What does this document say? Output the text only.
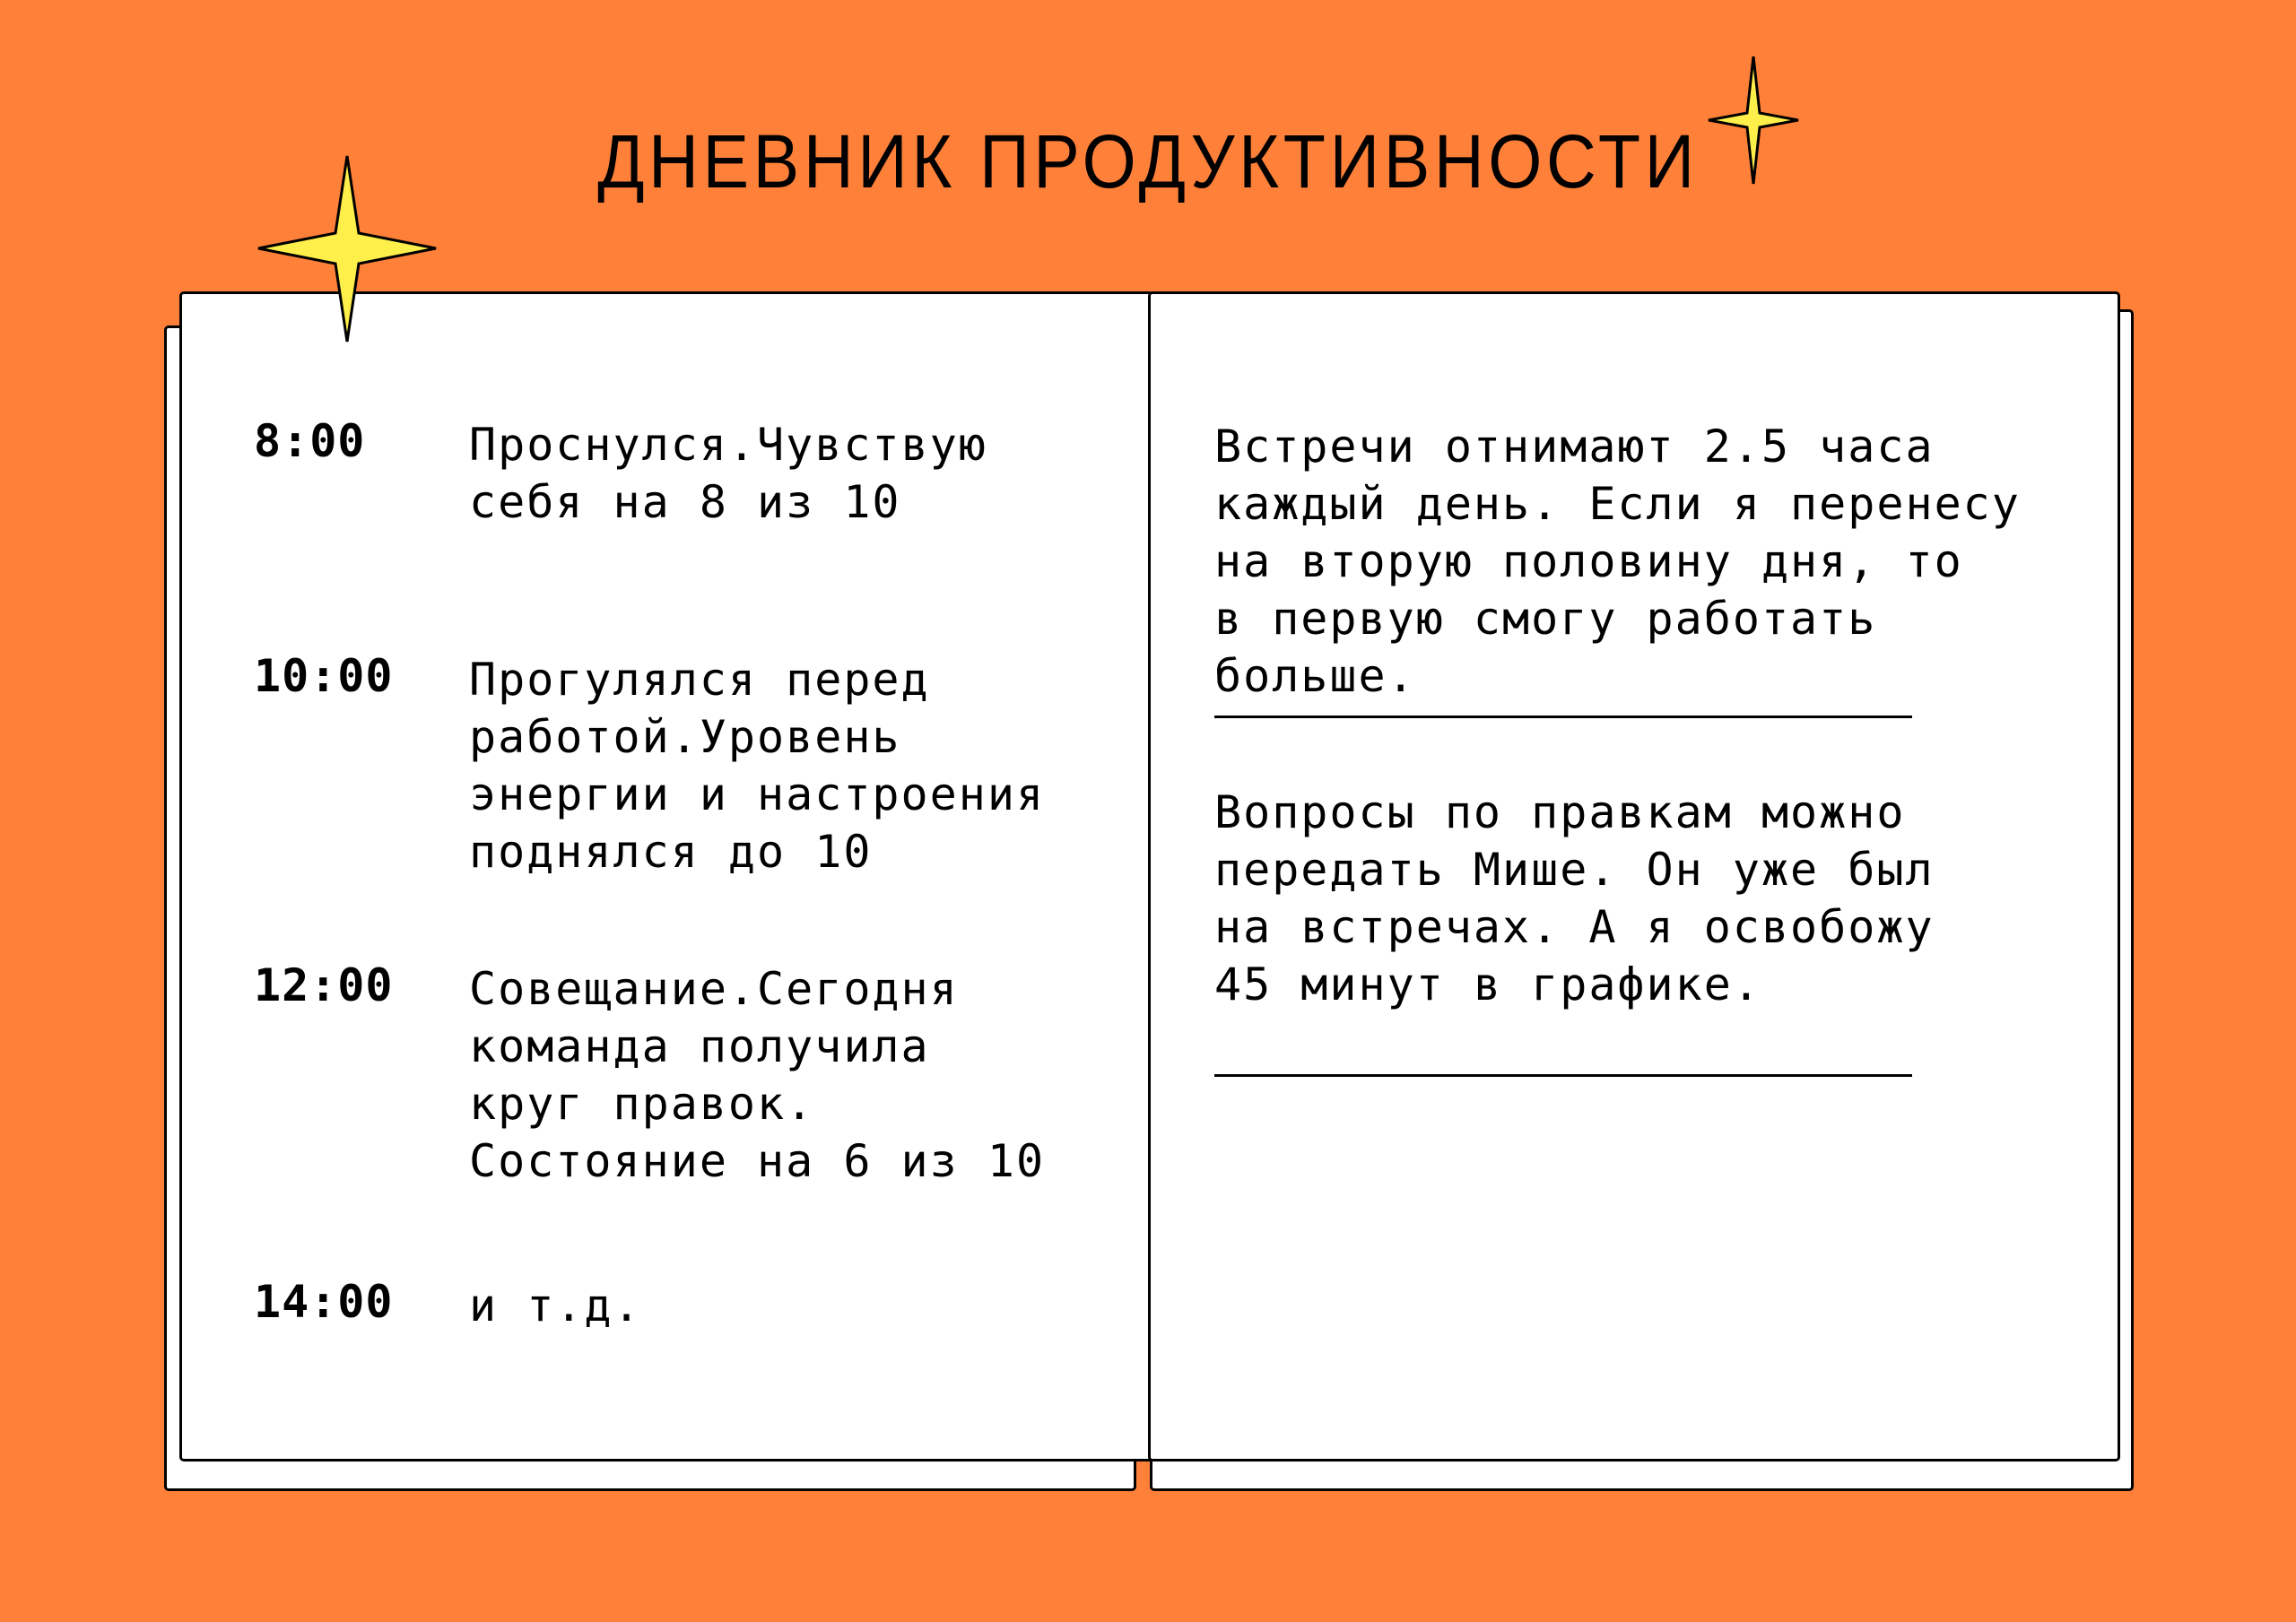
ДНЕВНИК ПРОДУКТИВНОСТИ
8:00 Проснулся.Чувствую
себя на 8 из 10
10:00 Прогулялся перед
работой.Уровень
энергии и настроения
поднялся до 10
12:00 Совещание.Сегодня
команда получила
круг правок.
Состояние на 6 из 10
14:00 и т.д.
Встречи отнимают 2.5 часа
каждый день. Если я перенесу
на вторую половину дня, то
в первую смогу работать
больше.
Вопросы по правкам можно
передать Мише. Он уже был
на встречах. А я освобожу
45 минут в графике.
